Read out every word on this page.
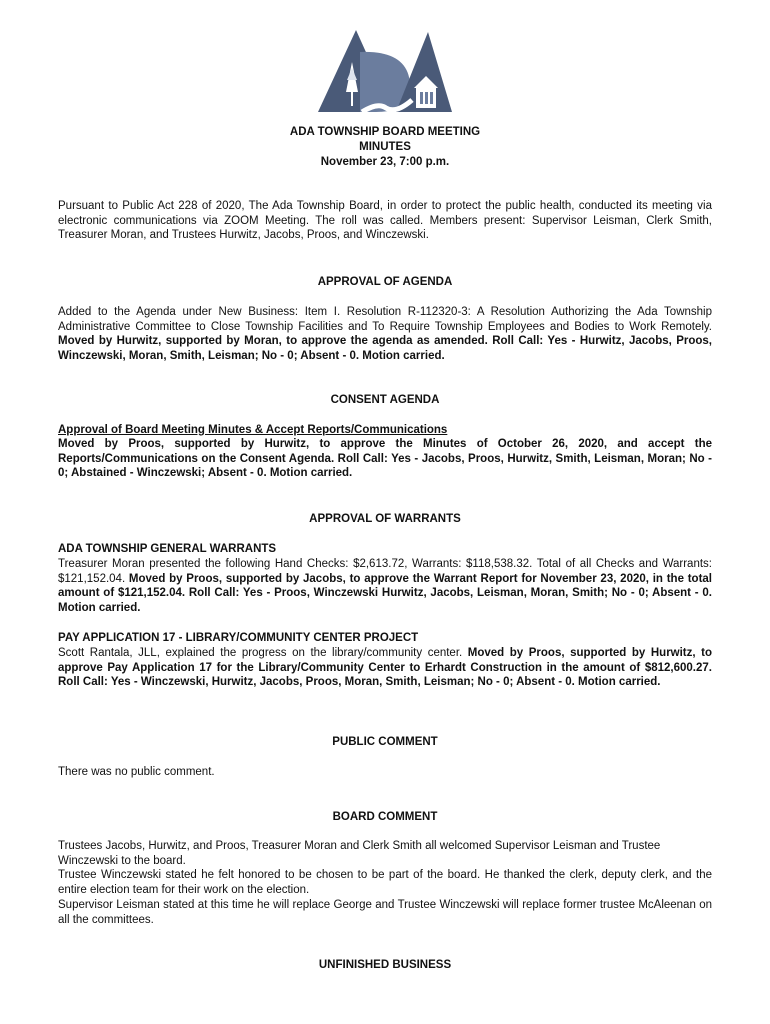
ADA TOWNSHIP BOARD MEETING
MINUTES
November 23, 7:00 p.m.

Pursuant to Public Act 228 of 2020, The Ada Township Board, in order to protect the public health, conducted its meeting via electronic communications via ZOOM Meeting. The roll was called. Members present: Supervisor Leisman, Clerk Smith, Treasurer Moran, and Trustees Hurwitz, Jacobs, Proos, and Winczewski.

APPROVAL OF AGENDA

Added to the Agenda under New Business: Item I. Resolution R-112320-3: A Resolution Authorizing the Ada Township Administrative Committee to Close Township Facilities and To Require Township Employees and Bodies to Work Remotely. Moved by Hurwitz, supported by Moran, to approve the agenda as amended. Roll Call: Yes - Hurwitz, Jacobs, Proos, Winczewski, Moran, Smith, Leisman; No - 0; Absent - 0. Motion carried.

CONSENT AGENDA
Approval of Board Meeting Minutes & Accept Reports/Communications

Moved by Proos, supported by Hurwitz, to approve the Minutes of October 26, 2020, and accept the Reports/Communications on the Consent Agenda. Roll Call: Yes - Jacobs, Proos, Hurwitz, Smith, Leisman, Moran; No - 0; Abstained - Winczewski; Absent - 0. Motion carried.

APPROVAL OF WARRANTS
ADA TOWNSHIP GENERAL WARRANTS

Treasurer Moran presented the following Hand Checks: $2,613.72, Warrants: $118,538.32. Total of all Checks and Warrants: $121,152.04. Moved by Proos, supported by Jacobs, to approve the Warrant Report for November 23, 2020, in the total amount of $121,152.04. Roll Call: Yes - Proos, Winczewski Hurwitz, Jacobs, Leisman, Moran, Smith; No - 0; Absent - 0. Motion carried.

PAY APPLICATION 17 - LIBRARY/COMMUNITY CENTER PROJECT

Scott Rantala, JLL, explained the progress on the library/community center. Moved by Proos, supported by Hurwitz, to approve Pay Application 17 for the Library/Community Center to Erhardt Construction in the amount of $812,600.27. Roll Call: Yes - Winczewski, Hurwitz, Jacobs, Proos, Moran, Smith, Leisman; No - 0; Absent - 0. Motion carried.

PUBLIC COMMENT

There was no public comment.

BOARD COMMENT

Trustees Jacobs, Hurwitz, and Proos, Treasurer Moran and Clerk Smith all welcomed Supervisor Leisman and Trustee Winczewski to the board.

Trustee Winczewski stated he felt honored to be chosen to be part of the board. He thanked the clerk, deputy clerk, and the entire election team for their work on the election.

Supervisor Leisman stated at this time he will replace George and Trustee Winczewski will replace former trustee McAleenan on all the committees.

UNFINISHED BUSINESS
